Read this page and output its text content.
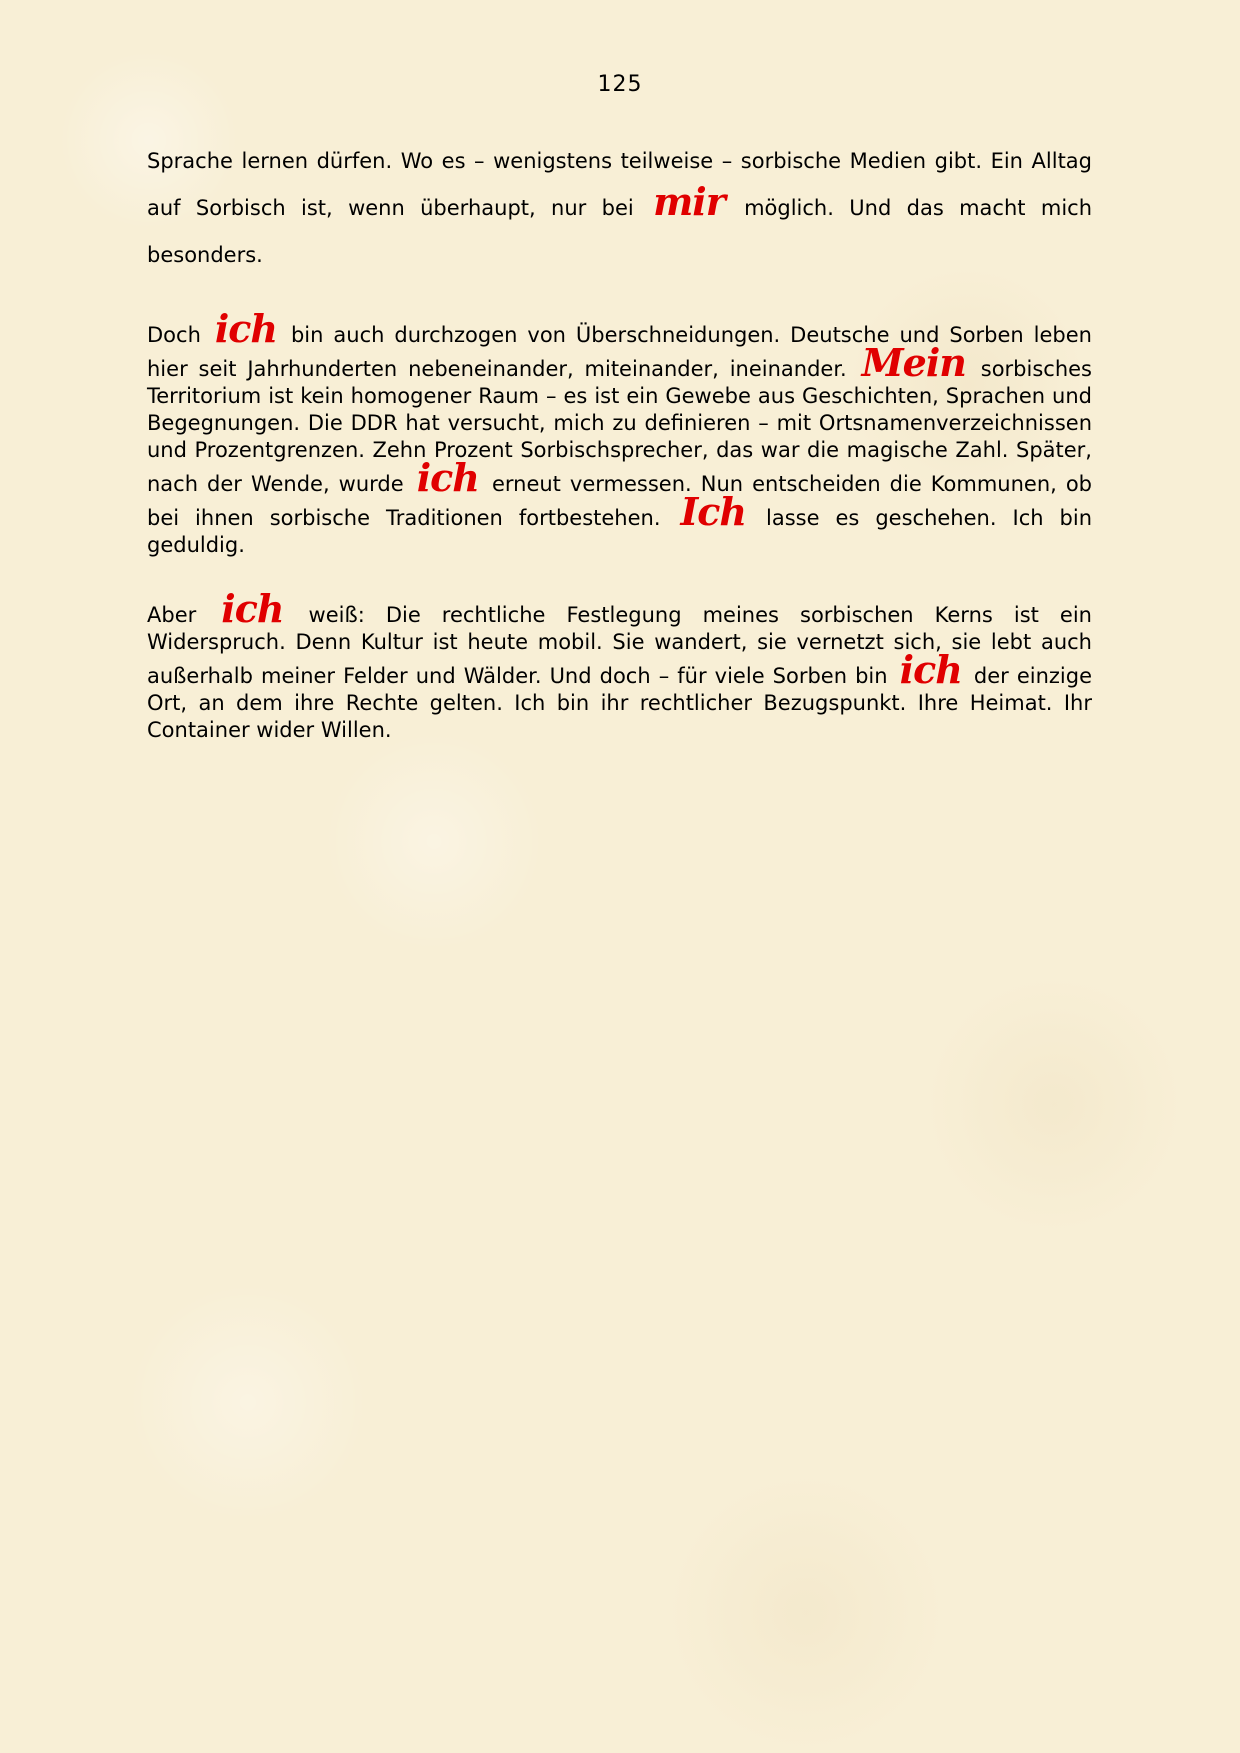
125

Sprache lernen dürfen. Wo es – wenigstens teilweise – sorbische Medien gibt. Ein Alltag auf Sorbisch ist, wenn überhaupt, nur bei mir möglich. Und das macht mich besonders.

Doch ich bin auch durchzogen von Überschneidungen. Deutsche und Sorben leben hier seit Jahrhunderten nebeneinander, miteinander, ineinander. Mein sorbisches Territorium ist kein homogener Raum – es ist ein Gewebe aus Geschichten, Sprachen und Begegnungen. Die DDR hat versucht, mich zu definieren – mit Ortsnamenverzeichnissen und Prozentgrenzen. Zehn Prozent Sorbischsprecher, das war die magische Zahl. Später, nach der Wende, wurde ich erneut vermessen. Nun entscheiden die Kommunen, ob bei ihnen sorbische Traditionen fortbestehen. Ich lasse es geschehen. Ich bin geduldig.

Aber ich weiß: Die rechtliche Festlegung meines sorbischen Kerns ist ein Widerspruch. Denn Kultur ist heute mobil. Sie wandert, sie vernetzt sich, sie lebt auch außerhalb meiner Felder und Wälder. Und doch – für viele Sorben bin ich der einzige Ort, an dem ihre Rechte gelten. Ich bin ihr rechtlicher Bezugspunkt. Ihre Heimat. Ihr Container wider Willen.
